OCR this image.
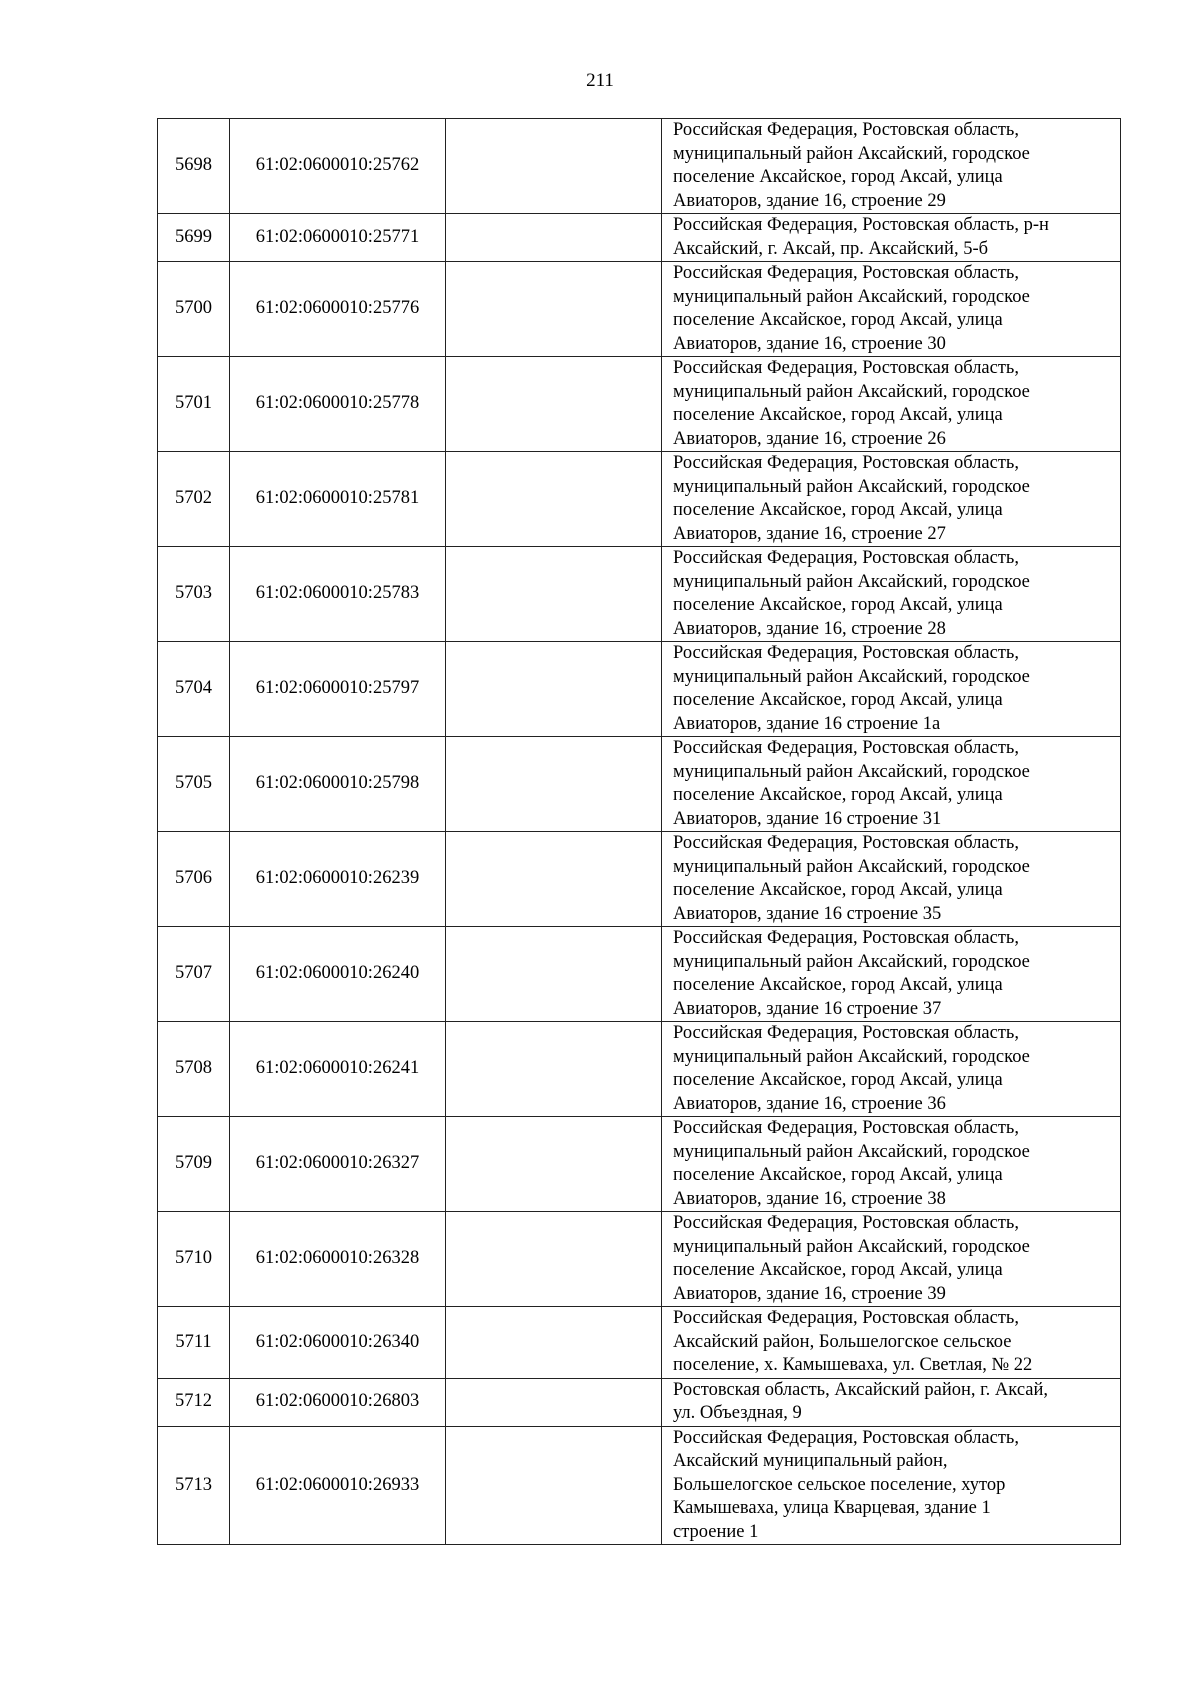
211
5698	61:02:0600010:25762		Российская Федерация, Ростовская область,
муниципальный район Аксайский, городское
поселение Аксайское, город Аксай, улица
Авиаторов, здание 16, строение 29
5699	61:02:0600010:25771		Российская Федерация, Ростовская область, р-н
Аксайский, г. Аксай, пр. Аксайский, 5-б
5700	61:02:0600010:25776		Российская Федерация, Ростовская область,
муниципальный район Аксайский, городское
поселение Аксайское, город Аксай, улица
Авиаторов, здание 16, строение 30
5701	61:02:0600010:25778		Российская Федерация, Ростовская область,
муниципальный район Аксайский, городское
поселение Аксайское, город Аксай, улица
Авиаторов, здание 16, строение 26
5702	61:02:0600010:25781		Российская Федерация, Ростовская область,
муниципальный район Аксайский, городское
поселение Аксайское, город Аксай, улица
Авиаторов, здание 16, строение 27
5703	61:02:0600010:25783		Российская Федерация, Ростовская область,
муниципальный район Аксайский, городское
поселение Аксайское, город Аксай, улица
Авиаторов, здание 16, строение 28
5704	61:02:0600010:25797		Российская Федерация, Ростовская область,
муниципальный район Аксайский, городское
поселение Аксайское, город Аксай, улица
Авиаторов, здание 16 строение 1а
5705	61:02:0600010:25798		Российская Федерация, Ростовская область,
муниципальный район Аксайский, городское
поселение Аксайское, город Аксай, улица
Авиаторов, здание 16 строение 31
5706	61:02:0600010:26239		Российская Федерация, Ростовская область,
муниципальный район Аксайский, городское
поселение Аксайское, город Аксай, улица
Авиаторов, здание 16 строение 35
5707	61:02:0600010:26240		Российская Федерация, Ростовская область,
муниципальный район Аксайский, городское
поселение Аксайское, город Аксай, улица
Авиаторов, здание 16 строение 37
5708	61:02:0600010:26241		Российская Федерация, Ростовская область,
муниципальный район Аксайский, городское
поселение Аксайское, город Аксай, улица
Авиаторов, здание 16, строение 36
5709	61:02:0600010:26327		Российская Федерация, Ростовская область,
муниципальный район Аксайский, городское
поселение Аксайское, город Аксай, улица
Авиаторов, здание 16, строение 38
5710	61:02:0600010:26328		Российская Федерация, Ростовская область,
муниципальный район Аксайский, городское
поселение Аксайское, город Аксай, улица
Авиаторов, здание 16, строение 39
5711	61:02:0600010:26340		Российская Федерация, Ростовская область,
Аксайский район, Большелогское сельское
поселение, х. Камышеваха, ул. Светлая, № 22
5712	61:02:0600010:26803		Ростовская область, Аксайский район, г. Аксай,
ул. Объездная, 9
5713	61:02:0600010:26933		Российская Федерация, Ростовская область,
Аксайский муниципальный район,
Большелогское сельское поселение, хутор
Камышеваха, улица Кварцевая, здание 1
строение 1
